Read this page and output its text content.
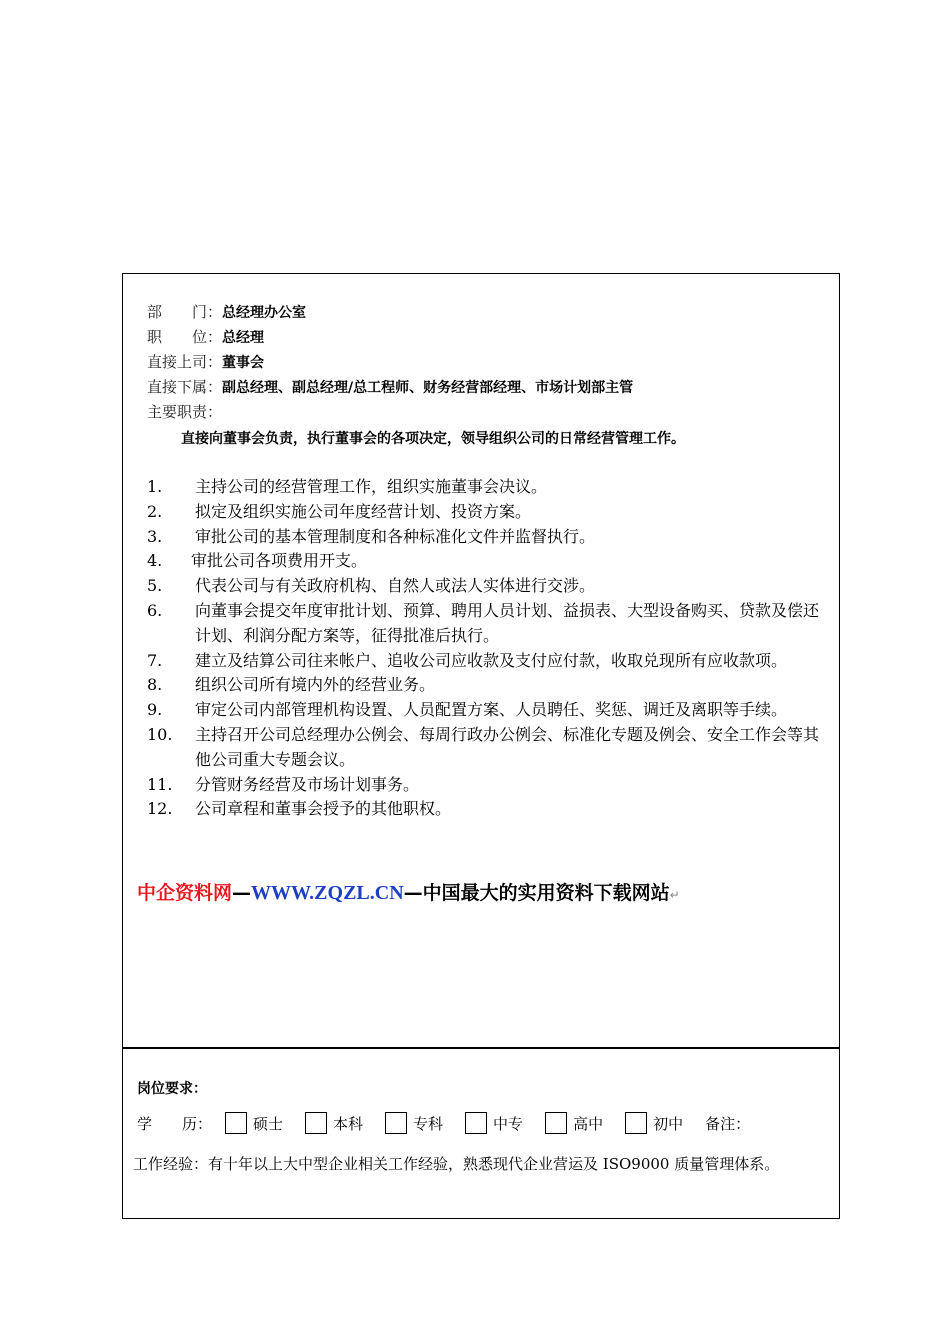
部　　门：总经理办公室
职　　位：总经理
直接上司：董事会
直接下属：副总经理、副总经理/总工程师、财务经营部经理、市场计划部主管
主要职责：
直接向董事会负责，执行董事会的各项决定，领导组织公司的日常经营管理工作。
1.	主持公司的经营管理工作，组织实施董事会决议。
2.	拟定及组织实施公司年度经营计划、投资方案。
3.	审批公司的基本管理制度和各种标准化文件并监督执行。
4.	审批公司各项费用开支。
5.	代表公司与有关政府机构、自然人或法人实体进行交涉。
6.	向董事会提交年度审批计划、预算、聘用人员计划、益损表、大型设备购买、贷款及偿还计划、利润分配方案等，征得批准后执行。
7.	建立及结算公司往来帐户、追收公司应收款及支付应付款，收取兑现所有应收款项。
8.	组织公司所有境内外的经营业务。
9.	审定公司内部管理机构设置、人员配置方案、人员聘任、奖惩、调迁及离职等手续。
10.	主持召开公司总经理办公例会、每周行政办公例会、标准化专题及例会、安全工作会等其他公司重大专题会议。
11.	分管财务经营及市场计划事务。
12.	公司章程和董事会授予的其他职权。
中企资料网—WWW.ZQZL.CN—中国最大的实用资料下载网站↵
岗位要求：
学　　历：	硕士	本科	专科	中专	高中	初中 备注：
工作经验：有十年以上大中型企业相关工作经验，熟悉现代企业营运及 ISO9000 质量管理体系。
